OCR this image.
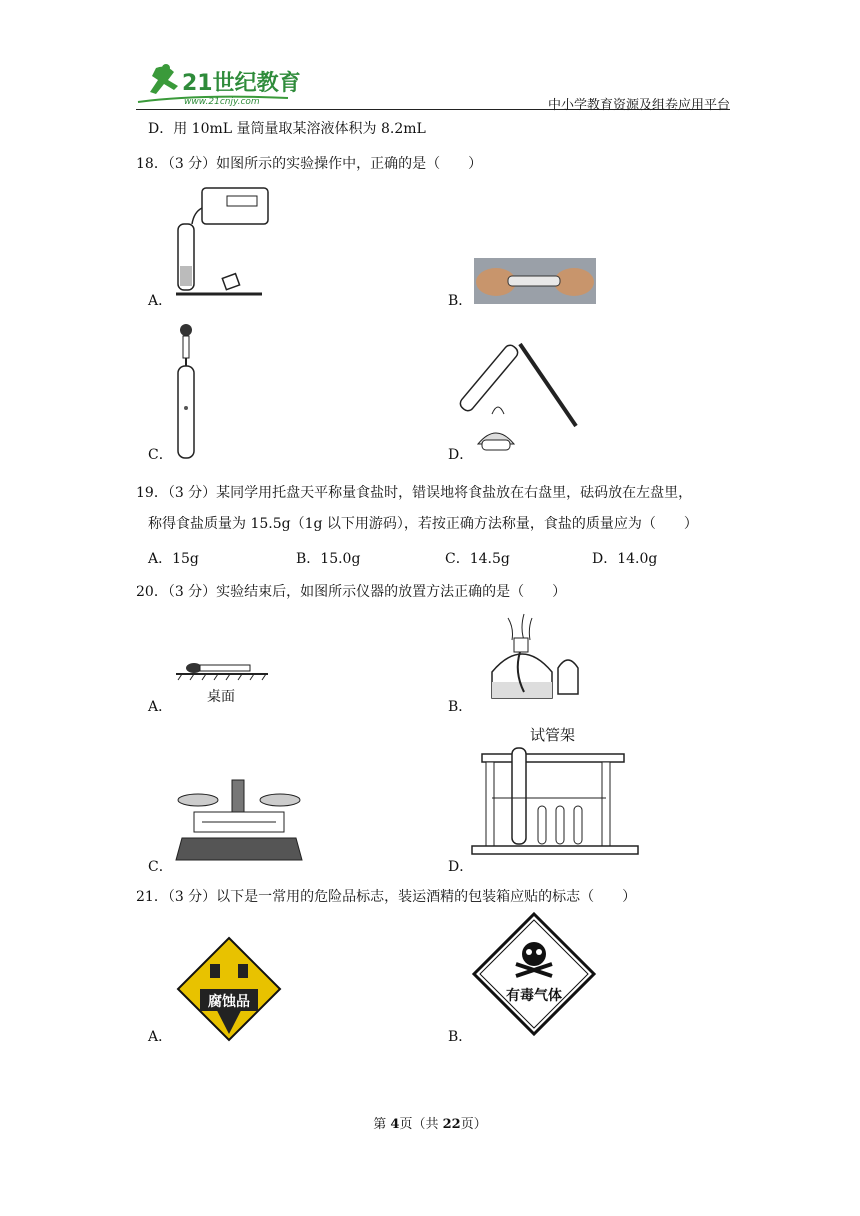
21世纪教育
www.21cnjy.com	中小学教育资源及组卷应用平台
D．用 10mL 量筒量取某溶液体积为 8.2mL
18．（3 分）如图所示的实验操作中，正确的是（　　）
A．	B．
C．	D．
19．（3 分）某同学用托盘天平称量食盐时，错误地将食盐放在右盘里，砝码放在左盘里，
称得食盐质量为 15.5g（1g 以下用游码），若按正确方法称量，食盐的质量应为（　　）
A．15g	B．15.0g	C．14.5g	D．14.0g
20．（3 分）实验结束后，如图所示仪器的放置方法正确的是（　　）
桌面
A．	B．
C．
试管架
D．
21．（3 分）以下是一常用的危险品标志，装运酒精的包装箱应贴的标志（　　）
腐蚀品
A．
有毒气体
B．
第 4页（共 22页）
